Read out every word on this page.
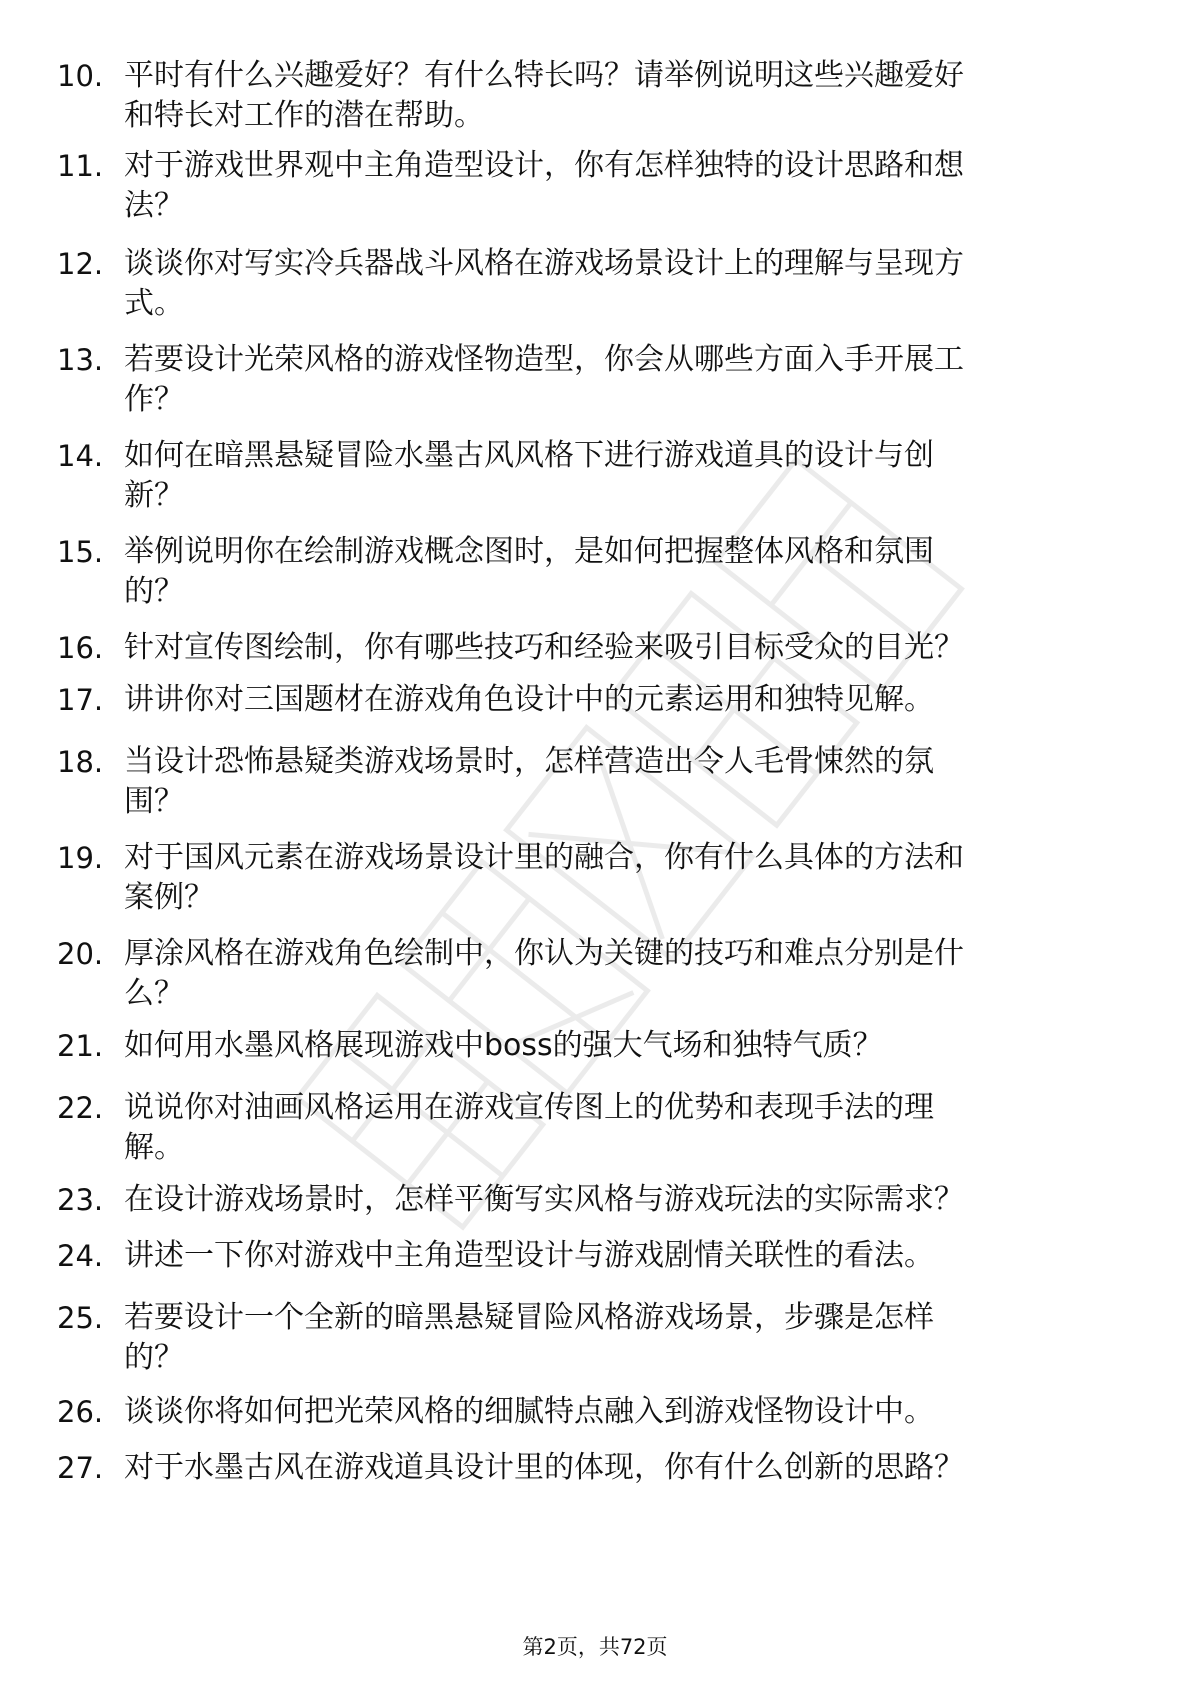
10. 平时有什么兴趣爱好？有什么特长吗？请举例说明这些兴趣爱好
和特长对工作的潜在帮助。
11. 对于游戏世界观中主角造型设计，你有怎样独特的设计思路和想
法？
12. 谈谈你对写实冷兵器战斗风格在游戏场景设计上的理解与呈现方
式。
13. 若要设计光荣风格的游戏怪物造型，你会从哪些方面入手开展工
作？
14. 如何在暗黑悬疑冒险水墨古风风格下进行游戏道具的设计与创
新？
15. 举例说明你在绘制游戏概念图时，是如何把握整体风格和氛围
的？
16. 针对宣传图绘制，你有哪些技巧和经验来吸引目标受众的目光？
17. 讲讲你对三国题材在游戏角色设计中的元素运用和独特见解。
18. 当设计恐怖悬疑类游戏场景时，怎样营造出令人毛骨悚然的氛
围？
19. 对于国风元素在游戏场景设计里的融合，你有什么具体的方法和
案例？
20. 厚涂风格在游戏角色绘制中，你认为关键的技巧和难点分别是什
么？
21. 如何用水墨风格展现游戏中boss的强大气场和独特气质？
22. 说说你对油画风格运用在游戏宣传图上的优势和表现手法的理
解。
23. 在设计游戏场景时，怎样平衡写实风格与游戏玩法的实际需求？
24. 讲述一下你对游戏中主角造型设计与游戏剧情关联性的看法。
25. 若要设计一个全新的暗黑悬疑冒险风格游戏场景，步骤是怎样
的？
26. 谈谈你将如何把光荣风格的细腻特点融入到游戏怪物设计中。
27. 对于水墨古风在游戏道具设计里的体现，你有什么创新的思路？
第2页，共72页
